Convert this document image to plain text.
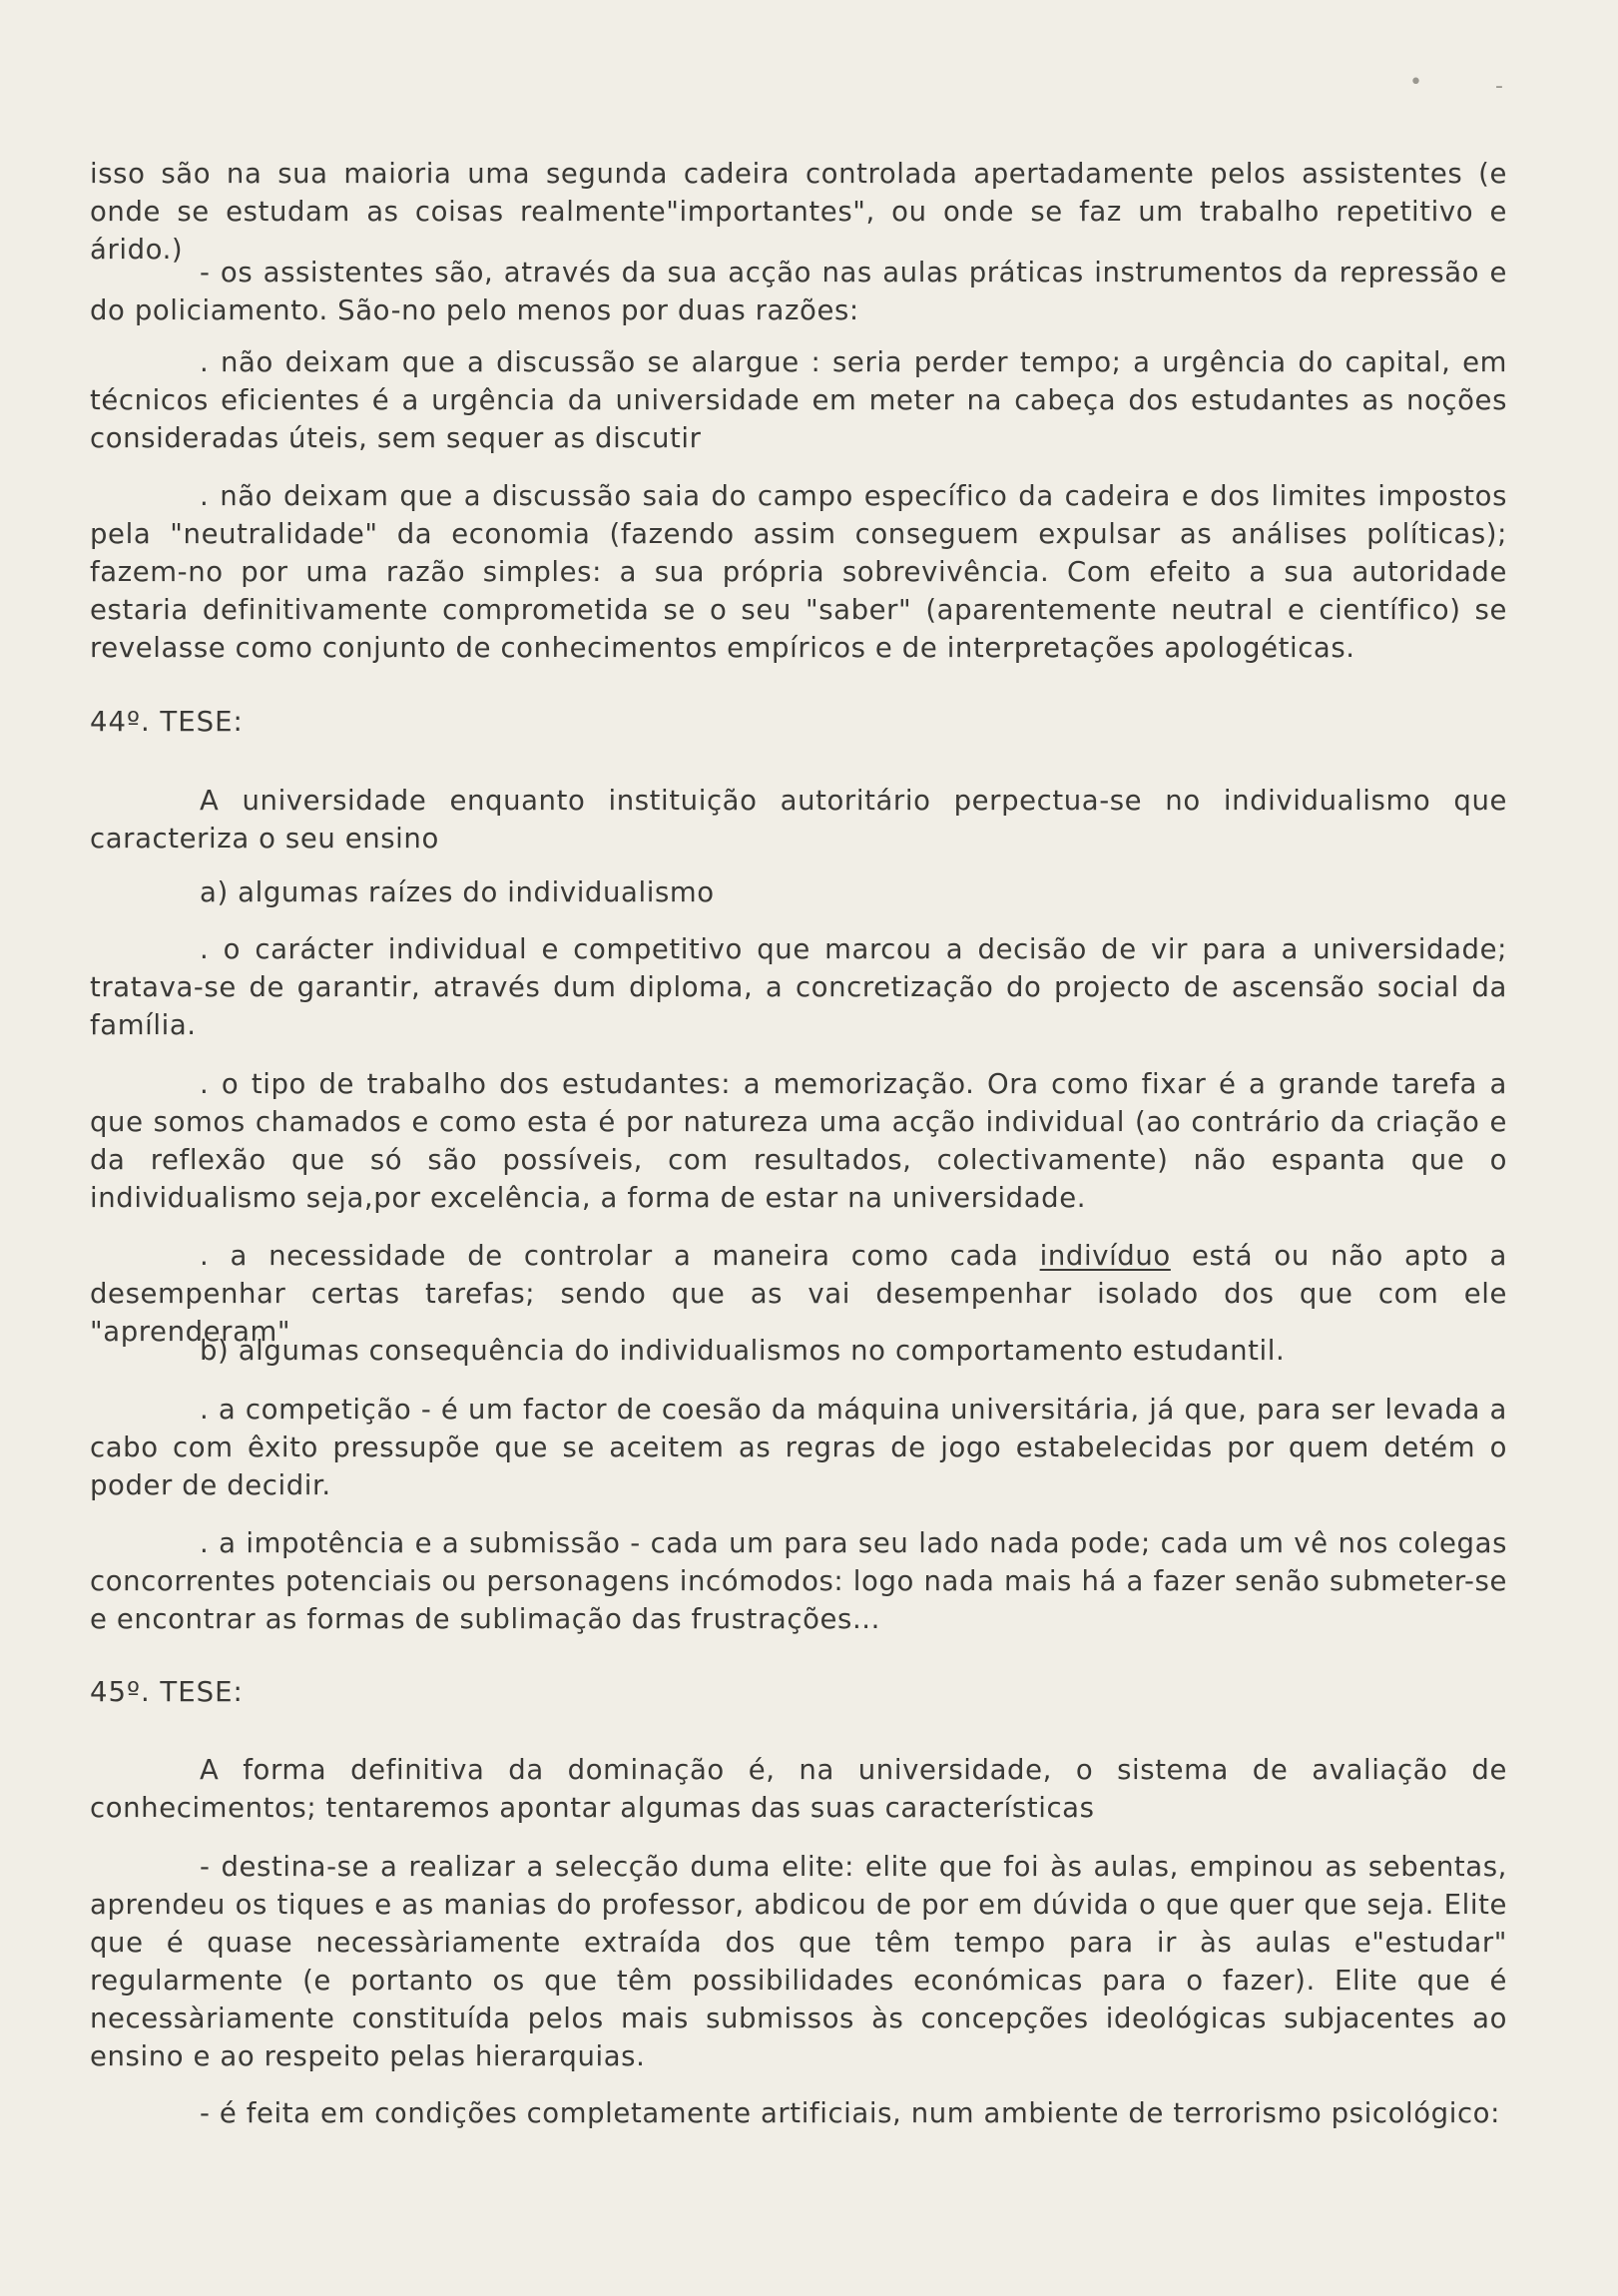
•	-

isso são na sua maioria uma segunda cadeira controlada apertadamente pelos assistentes (e onde se estudam as coisas realmente"importantes", ou onde se faz um trabalho repetitivo e árido.)

- os assistentes são, através da sua acção nas aulas práticas instrumentos da repressão e do policiamento. São-no pelo menos por duas razões:

. não deixam que a discussão se alargue : seria perder tempo; a urgência do capital, em técnicos eficientes é a urgência da universidade em meter na cabeça dos estudantes as noções consideradas úteis, sem sequer as discutir

. não deixam que a discussão saia do campo específico da cadeira e dos limites impostos pela "neutralidade" da economia (fazendo assim conseguem expulsar as análises políticas); fazem-no por uma razão simples: a sua própria sobrevivência. Com efeito a sua autoridade estaria definitivamente comprometida se o seu "saber" (aparentemente neutral e científico) se revelasse como conjunto de conhecimentos empíricos e de interpretações apologéticas.

44º. TESE:

A universidade enquanto instituição autoritário perpectua-se no individualismo que caracteriza o seu ensino

a) algumas raízes do individualismo

. o carácter individual e competitivo que marcou a decisão de vir para a universidade; tratava-se de garantir, através dum diploma, a concretização do projecto de ascensão social da família.

. o tipo de trabalho dos estudantes: a memorização. Ora como fixar é a grande tarefa a que somos chamados e como esta é por natureza uma acção individual (ao contrário da criação e da reflexão que só são possíveis, com resultados, colectivamente) não espanta que o individualismo seja,por excelência, a forma de estar na universidade.

. a necessidade de controlar a maneira como cada indivíduo está ou não apto a desempenhar certas tarefas; sendo que as vai desempenhar isolado dos que com ele "aprenderam"

b) algumas consequência do individualismos no comportamento estudantil.

. a competição - é um factor de coesão da máquina universitária, já que, para ser levada a cabo com êxito pressupõe que se aceitem as regras de jogo estabelecidas por quem detém o poder de decidir.

. a impotência e a submissão - cada um para seu lado nada pode; cada um vê nos colegas concorrentes potenciais ou personagens incómodos: logo nada mais há a fazer senão submeter-se e encontrar as formas de sublimação das frustrações...

45º. TESE:

A forma definitiva da dominação é, na universidade, o sistema de avaliação de conhecimentos; tentaremos apontar algumas das suas características

- destina-se a realizar a selecção duma elite: elite que foi às aulas, empinou as sebentas, aprendeu os tiques e as manias do professor, abdicou de por em dúvida o que quer que seja. Elite que é quase necessàriamente extraída dos que têm tempo para ir às aulas e"estudar" regularmente (e portanto os que têm possibilidades económicas para o fazer). Elite que é necessàriamente constituída pelos mais submissos às concepções ideológicas subjacentes ao ensino e ao respeito pelas hierarquias.

- é feita em condições completamente artificiais, num ambiente de terrorismo psicológico:
